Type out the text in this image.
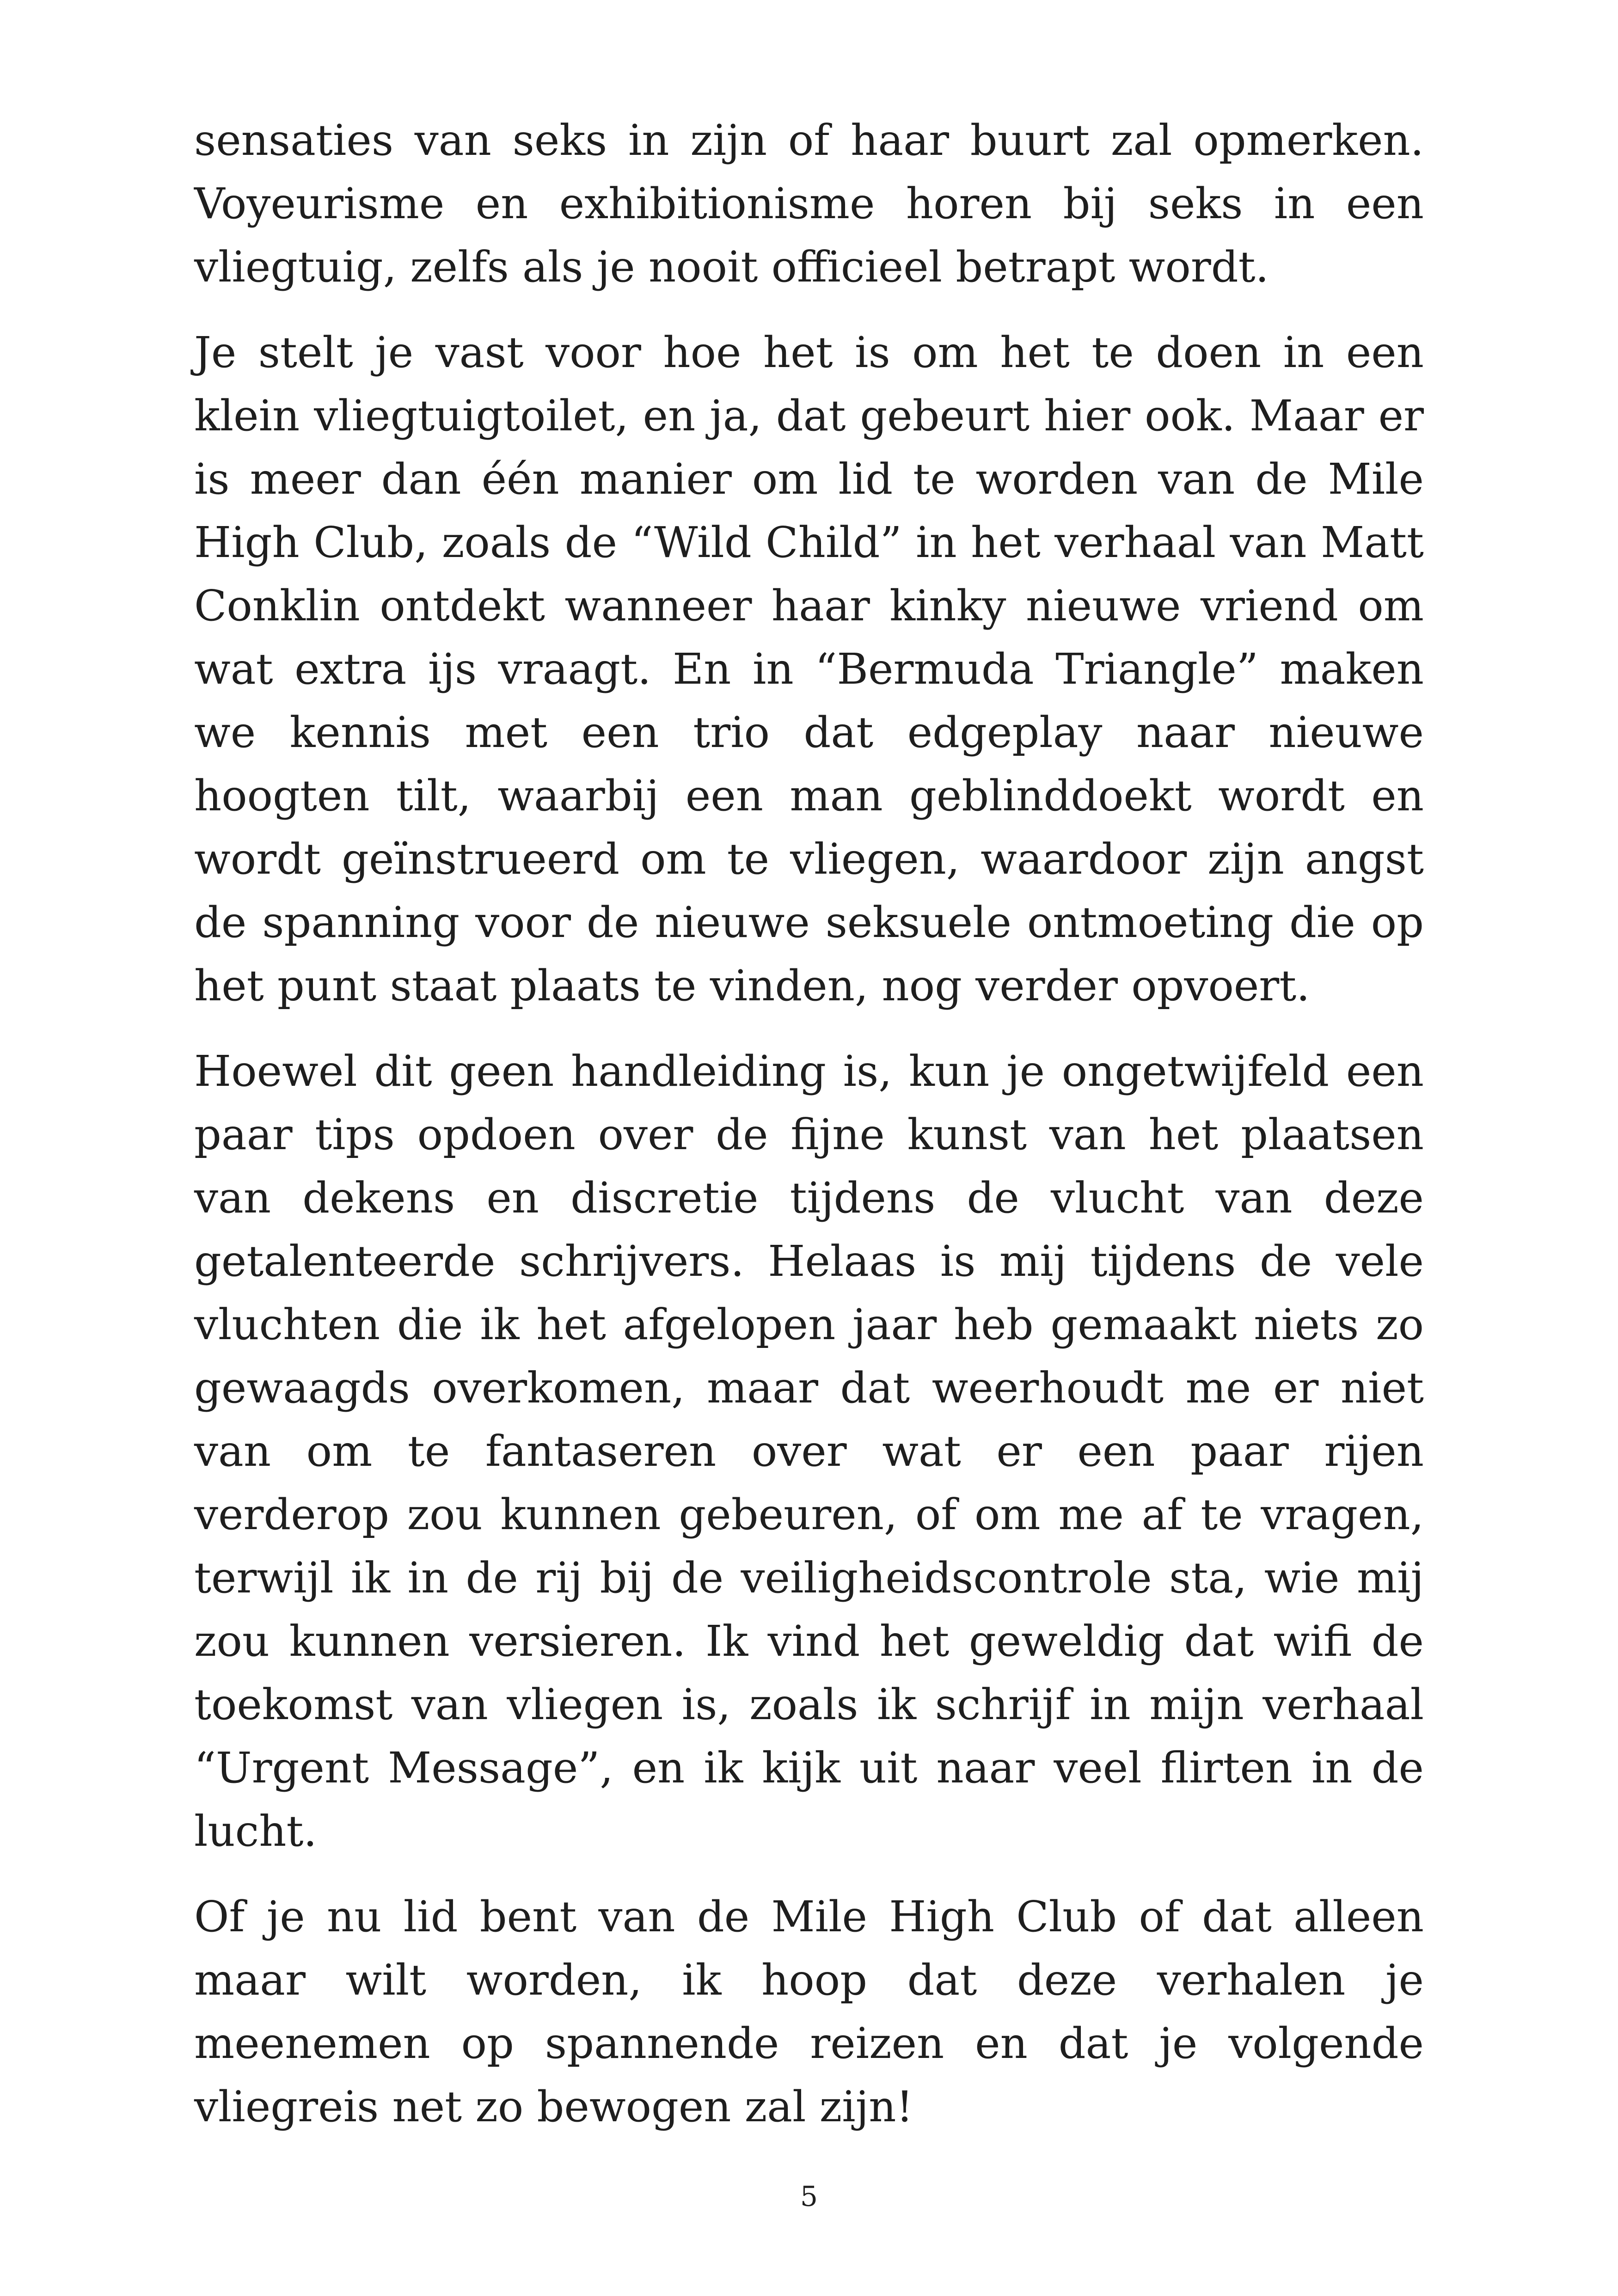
sensaties van seks in zijn of haar buurt zal opmerken. Voyeurisme en exhibitionisme horen bij seks in een vliegtuig, zelfs als je nooit officieel betrapt wordt.

Je stelt je vast voor hoe het is om het te doen in een klein vliegtuigtoilet, en ja, dat gebeurt hier ook. Maar er is meer dan één manier om lid te worden van de Mile High Club, zoals de “Wild Child” in het verhaal van Matt Conklin ontdekt wanneer haar kinky nieuwe vriend om wat extra ijs vraagt. En in “Bermuda Triangle” maken we kennis met een trio dat edgeplay naar nieuwe hoogten tilt, waarbij een man geblinddoekt wordt en wordt geïnstrueerd om te vliegen, waardoor zijn angst de spanning voor de nieuwe seksuele ontmoeting die op het punt staat plaats te vinden, nog verder opvoert.

Hoewel dit geen handleiding is, kun je ongetwijfeld een paar tips opdoen over de fijne kunst van het plaatsen van dekens en discretie tijdens de vlucht van deze getalenteerde schrijvers. Helaas is mij tijdens de vele vluchten die ik het afgelopen jaar heb gemaakt niets zo gewaagds overkomen, maar dat weerhoudt me er niet van om te fantaseren over wat er een paar rijen verderop zou kunnen gebeuren, of om me af te vragen, terwijl ik in de rij bij de veiligheidscontrole sta, wie mij zou kunnen versieren. Ik vind het geweldig dat wifi de toekomst van vliegen is, zoals ik schrijf in mijn verhaal “Urgent Message”, en ik kijk uit naar veel flirten in de lucht.

Of je nu lid bent van de Mile High Club of dat alleen maar wilt worden, ik hoop dat deze verhalen je meenemen op spannende reizen en dat je volgende vliegreis net zo bewogen zal zijn!

5
